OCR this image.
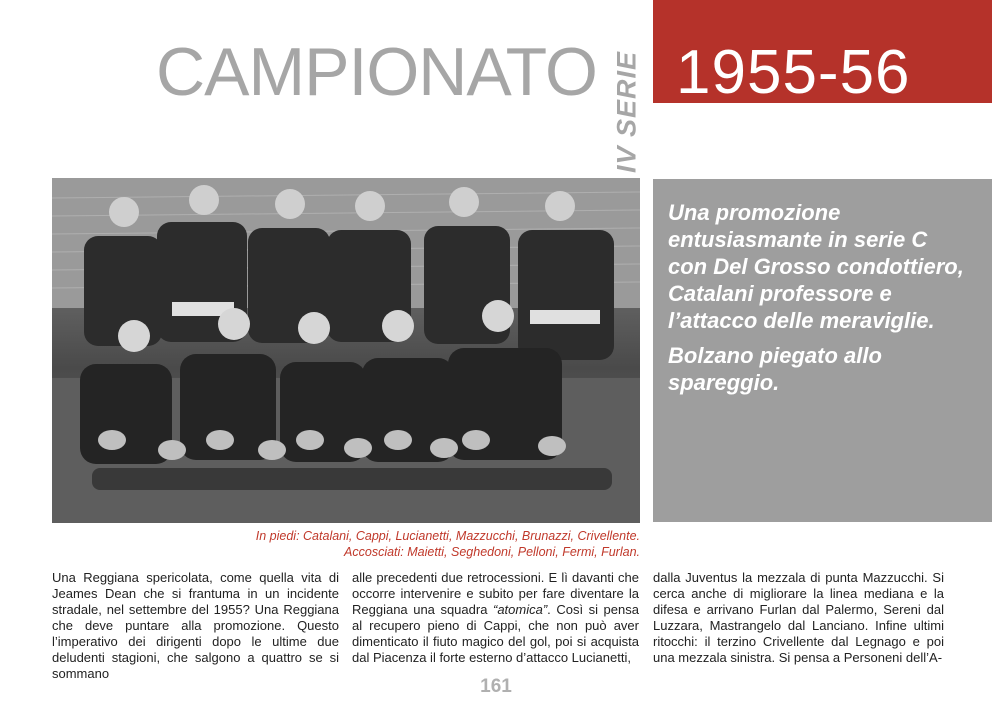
CAMPIONATO IV SERIE 1955-56

Una promozione entusiasmante in serie C con Del Grosso condottiero, Catalani professore e l’attacco delle meraviglie.

Bolzano piegato allo spareggio.

In piedi: Catalani, Cappi, Lucianetti, Mazzucchi, Brunazzi, Crivellente.
Accosciati: Maietti, Seghedoni, Pelloni, Fermi, Furlan.
Una Reggiana spericolata, come quella vita di Jeames Dean che si frantuma in un incidente stradale, nel settembre del 1955? Una Reggiana che deve puntare alla promozione. Questo l’imperativo dei dirigenti dopo le ultime due deludenti stagioni, che salgono a quattro se si sommano
alle precedenti due retrocessioni. E lì davanti che occorre intervenire e subito per fare diventare la Reggiana una squadra “atomica”. Così si pensa al recupero pieno di Cappi, che non può aver dimenticato il fiuto magico del gol, poi si acquista dal Piacenza il forte esterno d’attacco Lucianetti,
dalla Juventus la mezzala di punta Mazzucchi. Si cerca anche di migliorare la linea mediana e la difesa e arrivano Furlan dal Palermo, Sereni dal Luzzara, Mastrangelo dal Lanciano. Infine ultimi ritocchi: il terzino Crivellente dal Legnago e poi una mezzala sinistra. Si pensa a Personeni dell’A-
161
